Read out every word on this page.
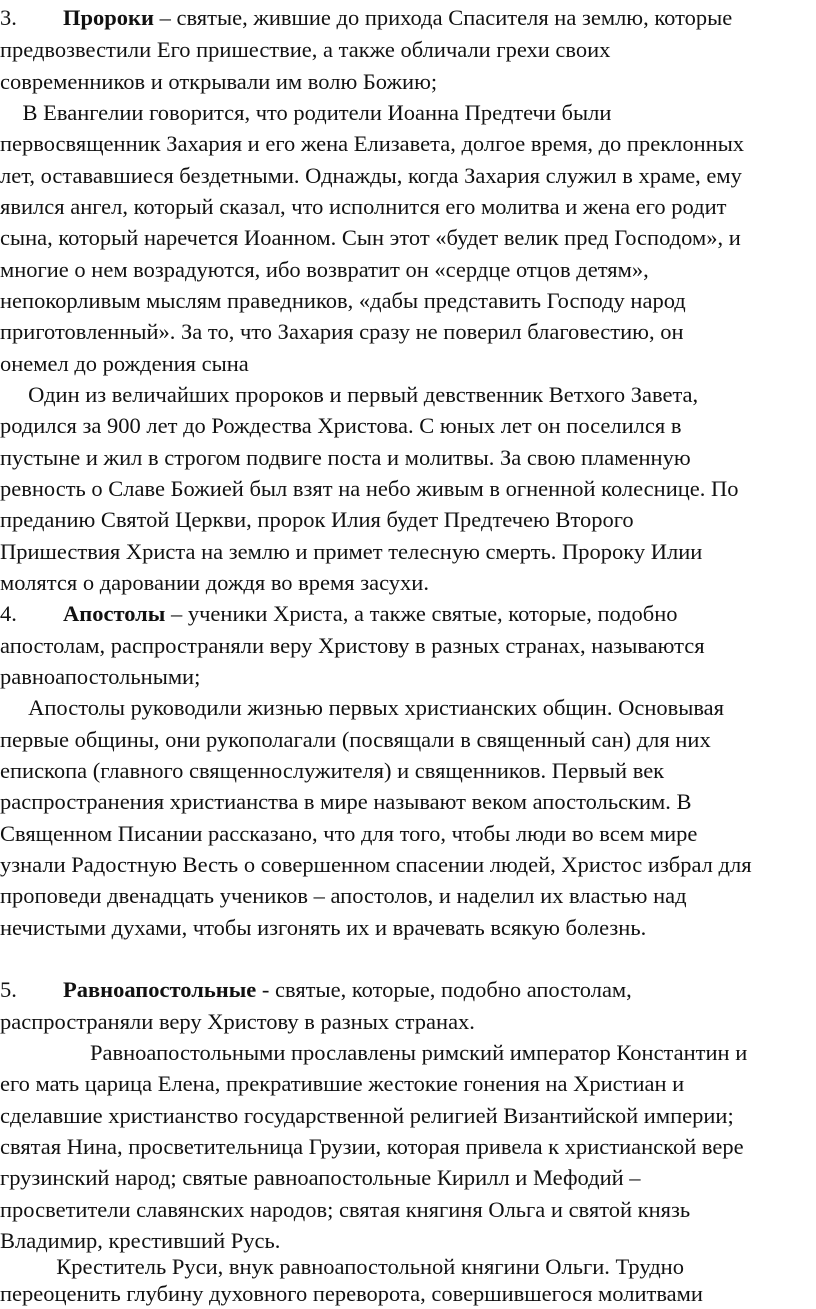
3. Пророки – святые, жившие до прихода Спасителя на землю, которые
предвозвестили Его пришествие, а также обличали грехи своих
современников и открывали им волю Божию;
В Евангелии говорится, что родители Иоанна Предтечи были
первосвященник Захария и его жена Елизавета, долгое время, до преклонных
лет, остававшиеся бездетными. Однажды, когда Захария служил в храме, ему
явился ангел, который сказал, что исполнится его молитва и жена его родит
сына, который наречется Иоанном. Сын этот «будет велик пред Господом», и
многие о нем возрадуются, ибо возвратит он «сердце отцов детям»,
непокорливым мыслям праведников, «дабы представить Господу народ
приготовленный». За то, что Захария сразу не поверил благовестию, он
онемел до рождения сына
Один из величайших пророков и первый девственник Ветхого Завета,
родился за 900 лет до Рождества Христова. С юных лет он поселился в
пустыне и жил в строгом подвиге поста и молитвы. За свою пламенную
ревность о Славе Божией был взят на небо живым в огненной колеснице. По
преданию Святой Церкви, пророк Илия будет Предтечею Второго
Пришествия Христа на землю и примет телесную смерть. Пророку Илии
молятся о даровании дождя во время засухи.
4. Апостолы – ученики Христа, а также святые, которые, подобно
апостолам, распространяли веру Христову в разных странах, называются
равноапостольными;
Апостолы руководили жизнью первых христианских общин. Основывая
первые общины, они рукополагали (посвящали в священный сан) для них
епископа (главного священнослужителя) и священников. Первый век
распространения христианства в мире называют веком апостольским. В
Священном Писании рассказано, что для того, чтобы люди во всем мире
узнали Радостную Весть о совершенном спасении людей, Христос избрал для
проповеди двенадцать учеников – апостолов, и наделил их властью над
нечистыми духами, чтобы изгонять их и врачевать всякую болезнь.
5. Равноапостольные - святые, которые, подобно апостолам,
распространяли веру Христову в разных странах.
Равноапостольными прославлены римский император Константин и
его мать царица Елена, прекратившие жестокие гонения на Христиан и
сделавшие христианство государственной религией Византийской империи;
святая Нина, просветительница Грузии, которая привела к христианской вере
грузинский народ; святые равноапостольные Кирилл и Мефодий –
просветители славянских народов; святая княгиня Ольга и святой князь
Владимир, крестивший Русь.
Креститель Руси, внук равноапостольной княгини Ольги. Трудно
переоценить глубину духовного переворота, совершившегося молитвами
